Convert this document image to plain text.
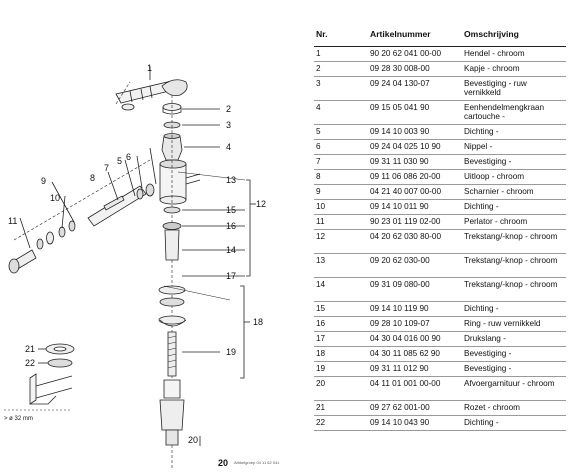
1
2
3
4
5 6
7
8
9
10
11
12
13
14
15
16
17
18
19
20
21
22
> ø 32 mm
Nr.	Artikelnummer	Omschrijving
1	90 20 62 041 00-00	Hendel - chroom
2	09 28 30 008-00	Kapje - chroom
3	09 24 04 130-07	Bevestiging - ruw vernikkeld
4	09 15 05 041 90	Eenhendelmengkraan cartouche -
5	09 14 10 003 90	Dichting -
6	09 24 04 025 10 90	Nippel -
7	09 31 11 030 90	Bevestiging -
8	09 11 06 086 20-00	Uitloop - chroom
9	04 21 40 007 00-00	Scharnier - chroom
10	09 14 10 011 90	Dichting -
11	90 23 01 119 02-00	Perlator - chroom
12	04 20 62 030 80-00	Trekstang/-knop - chroom
13	09 20 62 030-00	Trekstang/-knop - chroom
14	09 31 09 080-00	Trekstang/-knop - chroom
15	09 14 10 119 90	Dichting -
16	09 28 10 109-07	Ring - ruw vernikkeld
17	04 30 04 016 00 90	Drukslang -
18	04 30 11 085 62 90	Bevestiging -
19	09 31 11 012 90	Bevestiging -
20	04 11 01 001 00-00	Afvoergarnituur - chroom
21	09 27 62 001-00	Rozet - chroom
22	09 14 10 043 90	Dichting -
20 Artikelgroep 04 11 62 041
